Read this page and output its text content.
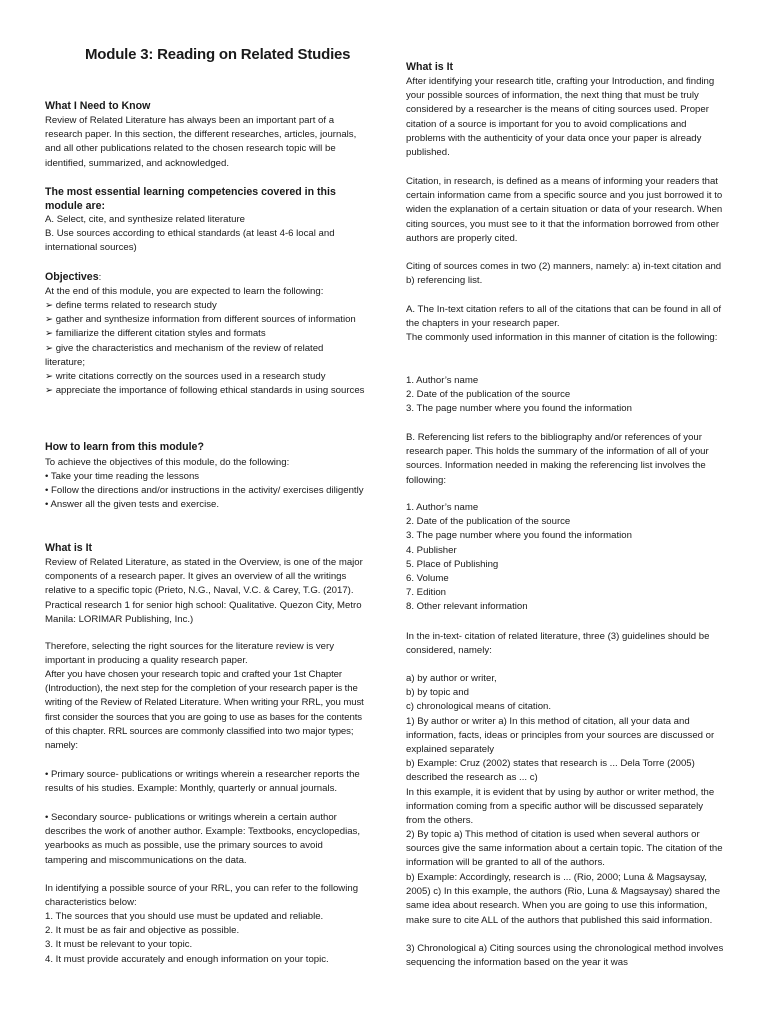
Module 3: Reading on Related Studies
What I Need to Know

Review of Related Literature has always been an important part of a research paper. In this section, the different researches, articles, journals, and all other publications related to the chosen research topic will be identified, summarized, and acknowledged.

The most essential learning competencies covered in this module are:
A. Select, cite, and synthesize related literature
B. Use sources according to ethical standards (at least 4-6 local and international sources)
Objectives:
At the end of this module, you are expected to learn the following:
➢ define terms related to research study
➢ gather and synthesize information from different sources of information
➢ familiarize the different citation styles and formats
➢ give the characteristics and mechanism of the review of related literature;
➢ write citations correctly on the sources used in a research study
➢ appreciate the importance of following ethical standards in using sources
How to learn from this module?
To achieve the objectives of this module, do the following:
• Take your time reading the lessons
• Follow the directions and/or instructions in the activity/ exercises diligently
• Answer all the given tests and exercise.
What is It

Review of Related Literature, as stated in the Overview, is one of the major components of a research paper. It gives an overview of all the writings relative to a specific topic (Prieto, N.G., Naval, V.C. & Carey, T.G. (2017). Practical research 1 for senior high school: Qualitative. Quezon City, Metro Manila: LORIMAR Publishing, Inc.)

Therefore, selecting the right sources for the literature review is very important in producing a quality research paper.

After you have chosen your research topic and crafted your 1st Chapter (Introduction), the next step for the completion of your research paper is the writing of the Review of Related Literature. When writing your RRL, you must first consider the sources that you are going to use as bases for the contents of this chapter. RRL sources are commonly classified into two major types; namely:

• Primary source- publications or writings wherein a researcher reports the results of his studies. Example: Monthly, quarterly or annual journals.

• Secondary source- publications or writings wherein a certain author describes the work of another author. Example: Textbooks, encyclopedias, yearbooks as much as possible, use the primary sources to avoid tampering and miscommunications on the data.

In identifying a possible source of your RRL, you can refer to the following characteristics below:

1. The sources that you should use must be updated and reliable.
2. It must be as fair and objective as possible.
3. It must be relevant to your topic.
4. It must provide accurately and enough information on your topic.
What is It

After identifying your research title, crafting your Introduction, and finding your possible sources of information, the next thing that must be truly considered by a researcher is the means of citing sources used. Proper citation of a source is important for you to avoid complications and problems with the authenticity of your data once your paper is already published.

Citation, in research, is defined as a means of informing your readers that certain information came from a specific source and you just borrowed it to widen the explanation of a certain situation or data of your research. When citing sources, you must see to it that the information borrowed from other authors are properly cited.

Citing of sources comes in two (2) manners, namely: a) in-text citation and b) referencing list.

A. The In-text citation refers to all of the citations that can be found in all of the chapters in your research paper.

The commonly used information in this manner of citation is the following:

1. Author’s name
2. Date of the publication of the source
3. The page number where you found the information

B. Referencing list refers to the bibliography and/or references of your research paper. This holds the summary of the information of all of your sources. Information needed in making the referencing list involves the following:

1. Author’s name
2. Date of the publication of the source
3. The page number where you found the information
4. Publisher
5. Place of Publishing
6. Volume
7. Edition
8. Other relevant information

In the in-text- citation of related literature, three (3) guidelines should be considered, namely:

a) by author or writer,
b) by topic and
c) chronological means of citation.

1) By author or writer a) In this method of citation, all your data and information, facts, ideas or principles from your sources are discussed or explained separately

b) Example: Cruz (2002) states that research is ... Dela Torre (2005) described the research as ... c)

In this example, it is evident that by using by author or writer method, the information coming from a specific author will be discussed separately from the others.

2) By topic a) This method of citation is used when several authors or sources give the same information about a certain topic. The citation of the information will be granted to all of the authors.

b) Example: Accordingly, research is ... (Rio, 2000; Luna & Magsaysay, 2005) c) In this example, the authors (Rio, Luna & Magsaysay) shared the same idea about research. When you are going to use this information, make sure to cite ALL of the authors that published this said information.

3) Chronological a) Citing sources using the chronological method involves sequencing the information based on the year it was
